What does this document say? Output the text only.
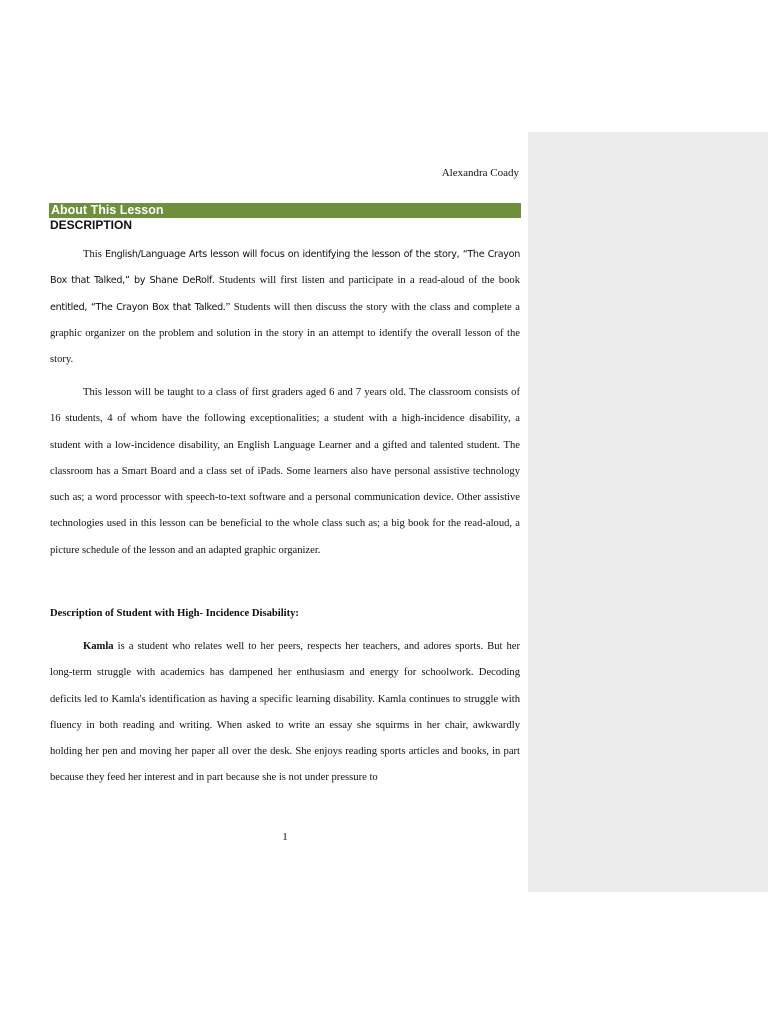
Alexandra Coady
About This Lesson
DESCRIPTION

This English/Language Arts lesson will focus on identifying the lesson of the story, “The Crayon Box that Talked,” by Shane DeRolf. Students will first listen and participate in a read-aloud of the book entitled, “The Crayon Box that Talked.” Students will then discuss the story with the class and complete a graphic organizer on the problem and solution in the story in an attempt to identify the overall lesson of the story.

This lesson will be taught to a class of first graders aged 6 and 7 years old. The classroom consists of 16 students, 4 of whom have the following exceptionalities; a student with a high-incidence disability, a student with a low-incidence disability, an English Language Learner and a gifted and talented student. The classroom has a Smart Board and a class set of iPads. Some learners also have personal assistive technology such as; a word processor with speech-to-text software and a personal communication device. Other assistive technologies used in this lesson can be beneficial to the whole class such as; a big book for the read-aloud, a picture schedule of the lesson and an adapted graphic organizer.

Description of Student with High- Incidence Disability:

Kamla is a student who relates well to her peers, respects her teachers, and adores sports. But her long-term struggle with academics has dampened her enthusiasm and energy for schoolwork. Decoding deficits led to Kamla's identification as having a specific learning disability. Kamla continues to struggle with fluency in both reading and writing. When asked to write an essay she squirms in her chair, awkwardly holding her pen and moving her paper all over the desk. She enjoys reading sports articles and books, in part because they feed her interest and in part because she is not under pressure to

1
